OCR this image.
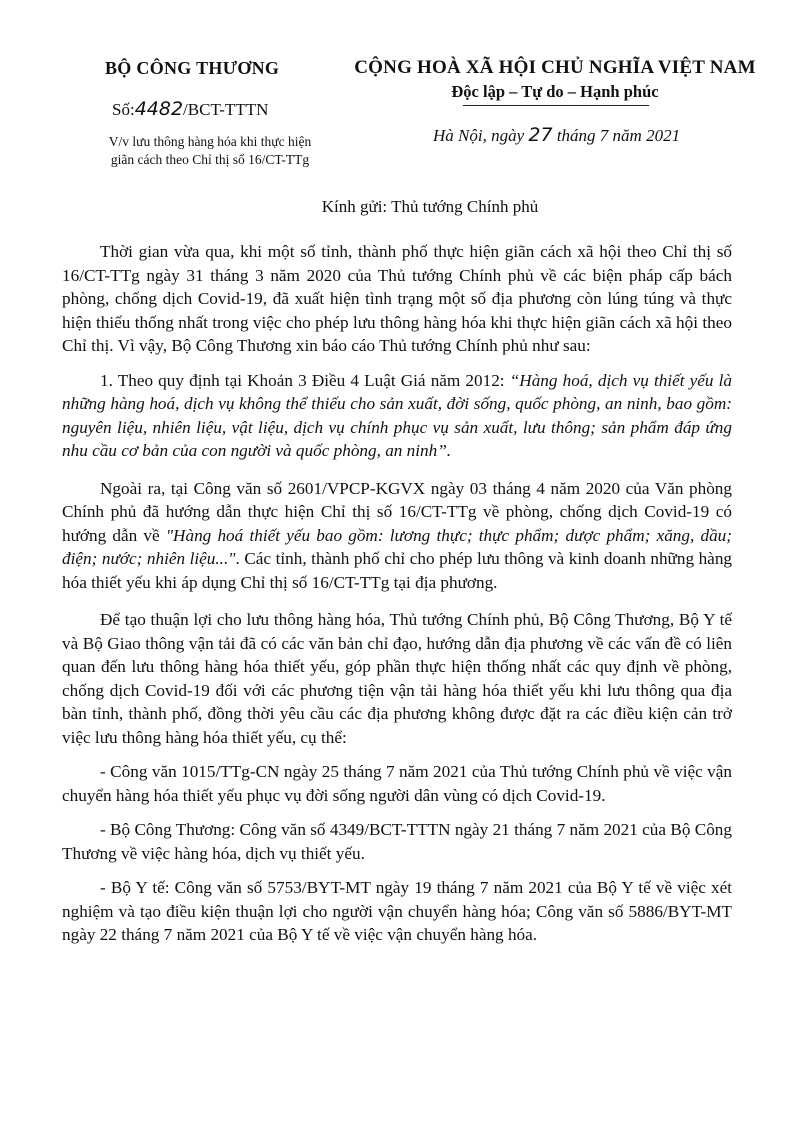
BỘ CÔNG THƯƠNG
Số:4482/BCT-TTTN
V/v lưu thông hàng hóa khi thực hiện
giãn cách theo Chỉ thị số 16/CT-TTg
CỘNG HOÀ XÃ HỘI CHỦ NGHĨA VIỆT NAM
Độc lập – Tự do – Hạnh phúc
Hà Nội, ngày 27 tháng 7 năm 2021
Kính gửi: Thủ tướng Chính phủ

Thời gian vừa qua, khi một số tỉnh, thành phố thực hiện giãn cách xã hội theo Chỉ thị số 16/CT-TTg ngày 31 tháng 3 năm 2020 của Thủ tướng Chính phủ về các biện pháp cấp bách phòng, chống dịch Covid-19, đã xuất hiện tình trạng một số địa phương còn lúng túng và thực hiện thiếu thống nhất trong việc cho phép lưu thông hàng hóa khi thực hiện giãn cách xã hội theo Chỉ thị. Vì vậy, Bộ Công Thương xin báo cáo Thủ tướng Chính phủ như sau:

1. Theo quy định tại Khoản 3 Điều 4 Luật Giá năm 2012: “Hàng hoá, dịch vụ thiết yếu là những hàng hoá, dịch vụ không thể thiếu cho sản xuất, đời sống, quốc phòng, an ninh, bao gồm: nguyên liệu, nhiên liệu, vật liệu, dịch vụ chính phục vụ sản xuất, lưu thông; sản phẩm đáp ứng nhu cầu cơ bản của con người và quốc phòng, an ninh”.

Ngoài ra, tại Công văn số 2601/VPCP-KGVX ngày 03 tháng 4 năm 2020 của Văn phòng Chính phủ đã hướng dẫn thực hiện Chỉ thị số 16/CT-TTg về phòng, chống dịch Covid-19 có hướng dẫn về "Hàng hoá thiết yếu bao gồm: lương thực; thực phẩm; dược phẩm; xăng, dầu; điện; nước; nhiên liệu...". Các tỉnh, thành phố chỉ cho phép lưu thông và kinh doanh những hàng hóa thiết yếu khi áp dụng Chỉ thị số 16/CT-TTg tại địa phương.

Để tạo thuận lợi cho lưu thông hàng hóa, Thủ tướng Chính phủ, Bộ Công Thương, Bộ Y tế và Bộ Giao thông vận tải đã có các văn bản chỉ đạo, hướng dẫn địa phương về các vấn đề có liên quan đến lưu thông hàng hóa thiết yếu, góp phần thực hiện thống nhất các quy định về phòng, chống dịch Covid-19 đối với các phương tiện vận tải hàng hóa thiết yếu khi lưu thông qua địa bàn tỉnh, thành phố, đồng thời yêu cầu các địa phương không được đặt ra các điều kiện cản trở việc lưu thông hàng hóa thiết yếu, cụ thể:

- Công văn 1015/TTg-CN ngày 25 tháng 7 năm 2021 của Thủ tướng Chính phủ về việc vận chuyển hàng hóa thiết yếu phục vụ đời sống người dân vùng có dịch Covid-19.

- Bộ Công Thương: Công văn số 4349/BCT-TTTN ngày 21 tháng 7 năm 2021 của Bộ Công Thương về việc hàng hóa, dịch vụ thiết yếu.

- Bộ Y tế: Công văn số 5753/BYT-MT ngày 19 tháng 7 năm 2021 của Bộ Y tế về việc xét nghiệm và tạo điều kiện thuận lợi cho người vận chuyển hàng hóa; Công văn số 5886/BYT-MT ngày 22 tháng 7 năm 2021 của Bộ Y tế về việc vận chuyển hàng hóa.
